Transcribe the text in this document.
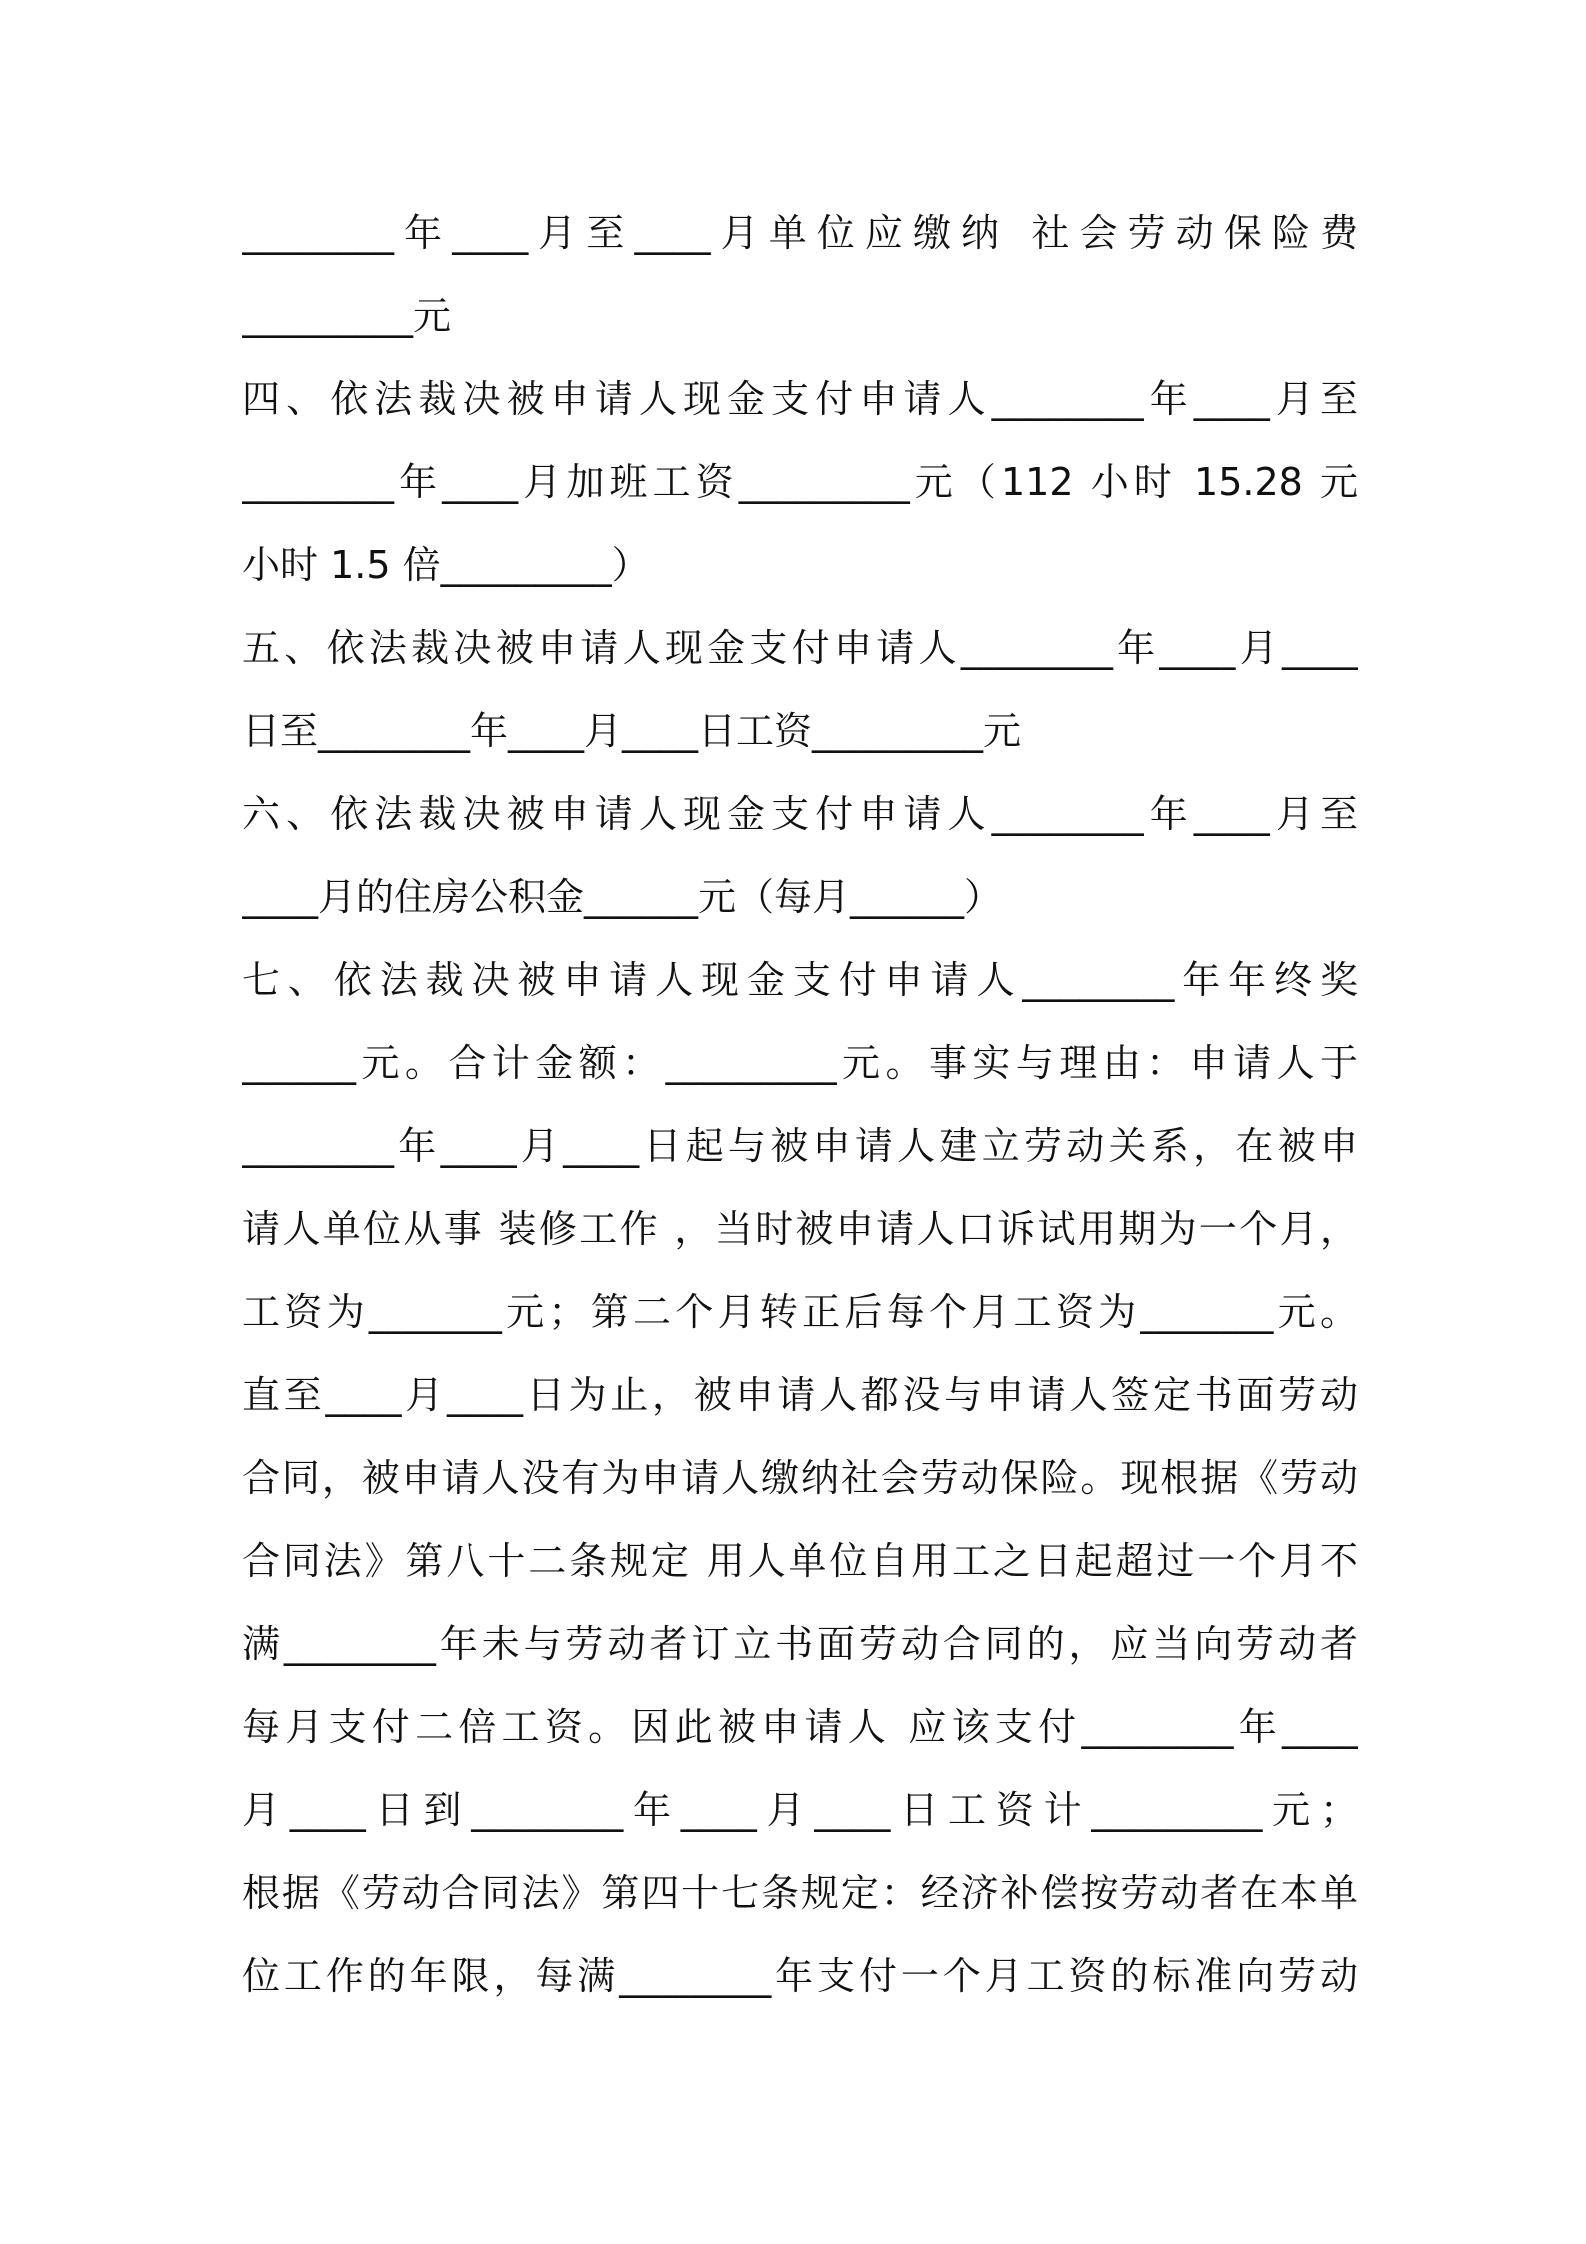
________年____月至____月单位应缴纳 社会劳动保险费
_________元
四、依法裁决被申请人现金支付申请人________年____月至
________年____月加班工资_________元（112 小时 15.28 元
小时 1.5 倍_________）
五、依法裁决被申请人现金支付申请人________年____月____
日至________年____月____日工资_________元
六、依法裁决被申请人现金支付申请人________年____月至
____月的住房公积金______元（每月______）
七、依法裁决被申请人现金支付申请人________年年终奖
______元。合计金额：_________元。事实与理由：申请人于
________年____月____日起与被申请人建立劳动关系，在被申
请人单位从事 装修工作 ，当时被申请人口诉试用期为一个月，
工资为_______元；第二个月转正后每个月工资为_______元。
直至____月____日为止，被申请人都没与申请人签定书面劳动
合同，被申请人没有为申请人缴纳社会劳动保险。现根据《劳动
合同法》第八十二条规定 用人单位自用工之日起超过一个月不
满________年未与劳动者订立书面劳动合同的，应当向劳动者
每月支付二倍工资。因此被申请人 应该支付________年____
月____日到________年____月____日工资计_________元；
根据《劳动合同法》第四十七条规定：经济补偿按劳动者在本单
位工作的年限，每满________年支付一个月工资的标准向劳动
